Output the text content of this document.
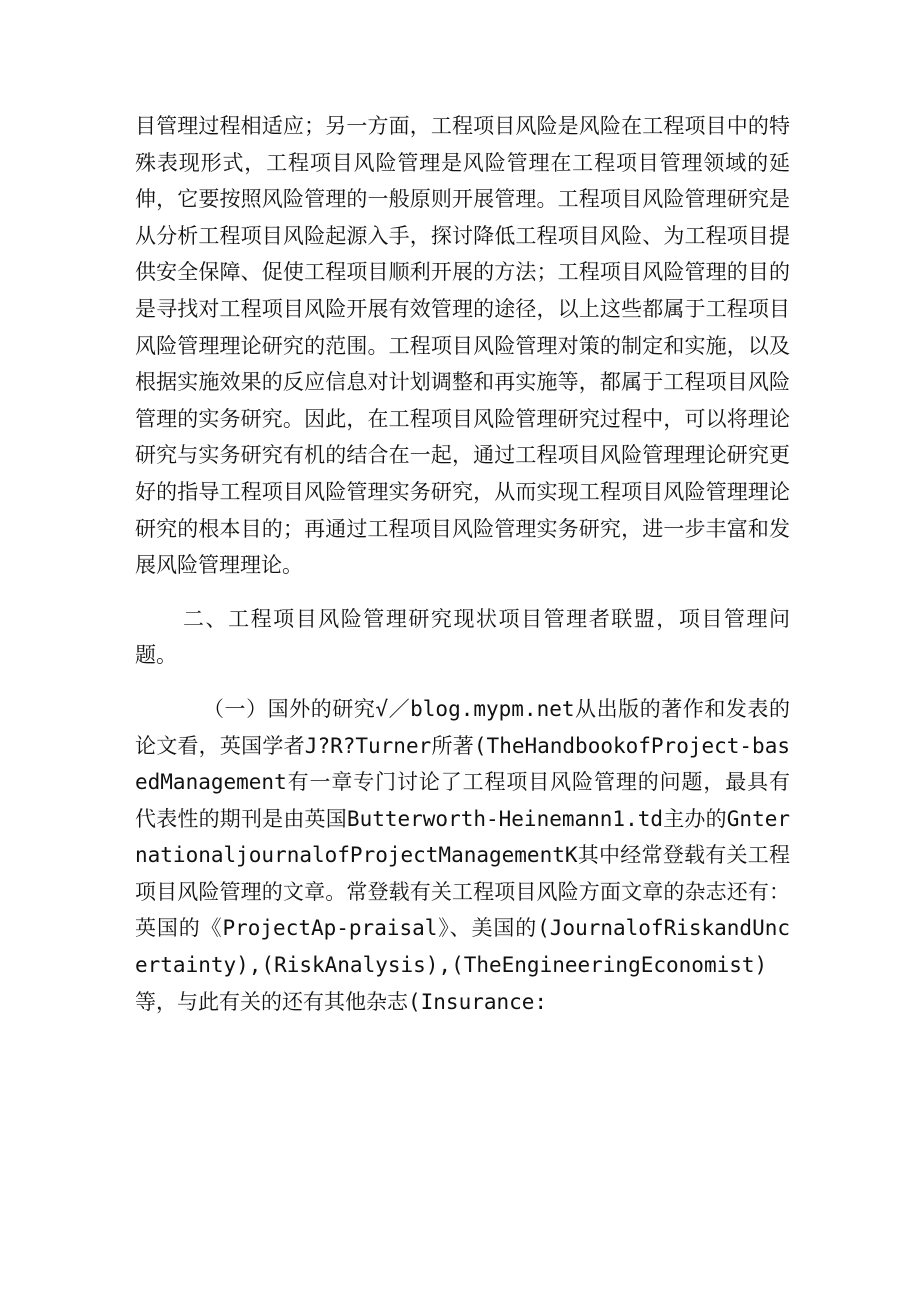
目管理过程相适应；另一方面，工程项目风险是风险在工程项目中的特殊表现形式，工程项目风险管理是风险管理在工程项目管理领域的延伸，它要按照风险管理的一般原则开展管理。工程项目风险管理研究是从分析工程项目风险起源入手，探讨降低工程项目风险、为工程项目提供安全保障、促使工程项目顺利开展的方法；工程项目风险管理的目的是寻找对工程项目风险开展有效管理的途径，以上这些都属于工程项目风险管理理论研究的范围。工程项目风险管理对策的制定和实施，以及根据实施效果的反应信息对计划调整和再实施等，都属于工程项目风险管理的实务研究。因此，在工程项目风险管理研究过程中，可以将理论研究与实务研究有机的结合在一起，通过工程项目风险管理理论研究更好的指导工程项目风险管理实务研究，从而实现工程项目风险管理理论研究的根本目的；再通过工程项目风险管理实务研究，进一步丰富和发展风险管理理论。

二、工程项目风险管理研究现状项目管理者联盟，项目管理问题。

（一）国外的研究√／blog.mypm.net从出版的著作和发表的论文看，英国学者J?R?Turner所著(TheHandbookofProject-basedManagement有一章专门讨论了工程项目风险管理的问题，最具有代表性的期刊是由英国Butterworth-Heinemann1.td主办的GnternationaljournalofProjectManagementK其中经常登载有关工程项目风险管理的文章。常登载有关工程项目风险方面文章的杂志还有：英国的《ProjectAp-praisal》、美国的(JournalofRiskandUncertainty),(RiskAnalysis),(TheEngineeringEconomist)等，与此有关的还有其他杂志(Insurance:
